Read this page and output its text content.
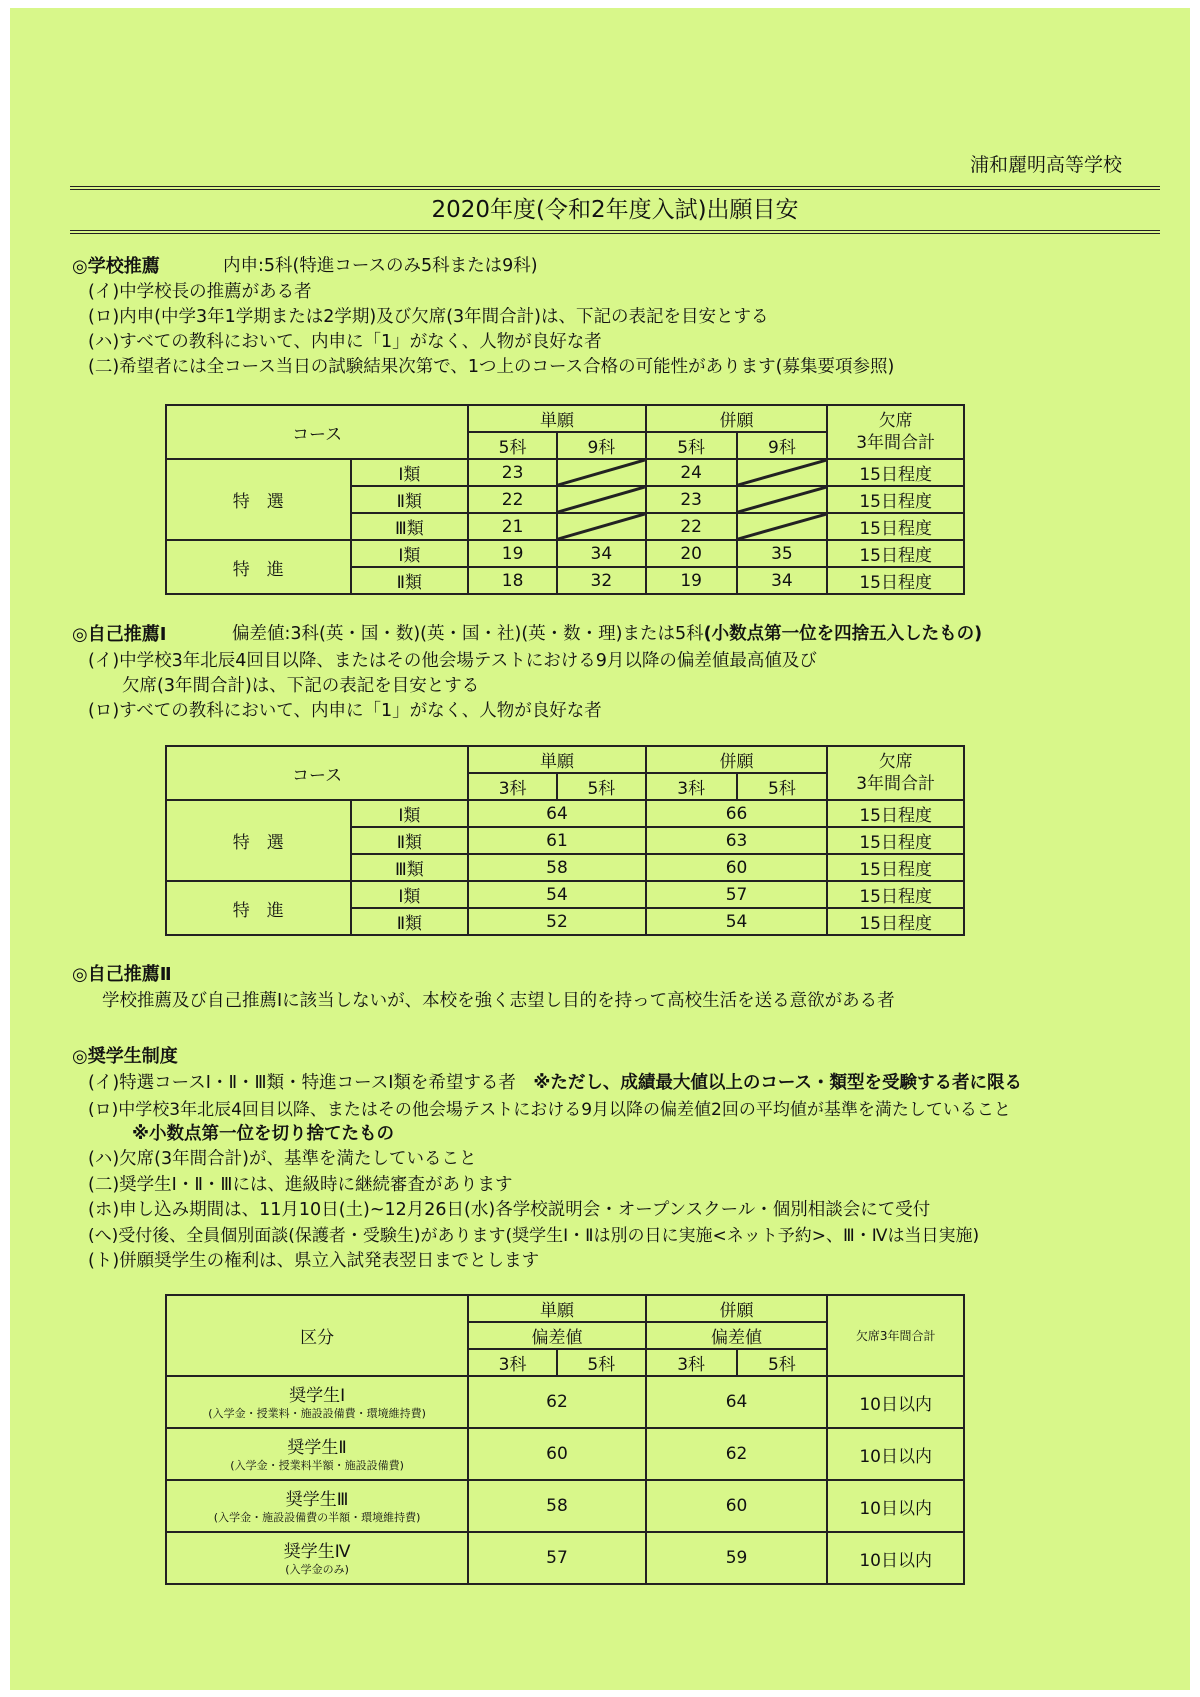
浦和麗明高等学校
2020年度(令和2年度入試)出願目安
◎学校推薦	内申:5科(特進コースのみ5科または9科)
(イ)中学校長の推薦がある者
(ロ)内申(中学3年1学期または2学期)及び欠席(3年間合計)は、下記の表記を目安とする
(ハ)すべての教科において、内申に「1」がなく、人物が良好な者
(二)希望者には全コース当日の試験結果次第で、1つ上のコース合格の可能性があります(募集要項参照)
コース		単願		併願		欠席
3年間合計
		5科	9科	5科	9科	
特　選	Ⅰ類	23		24		15日程度
	Ⅱ類	22		23		15日程度
	Ⅲ類	21		22		15日程度
特　進	Ⅰ類	19	34	20	35	15日程度
	Ⅱ類	18	32	19	34	15日程度
◎自己推薦Ⅰ	偏差値:3科(英・国・数)(英・国・社)(英・数・理)または5科(小数点第一位を四捨五入したもの)
(イ)中学校3年北辰4回目以降、またはその他会場テストにおける9月以降の偏差値最高値及び
欠席(3年間合計)は、下記の表記を目安とする
(ロ)すべての教科において、内申に「1」がなく、人物が良好な者
コース		単願		併願		欠席
3年間合計
		3科	5科	3科	5科	
特　選	Ⅰ類	64		66		15日程度
	Ⅱ類	61		63		15日程度
	Ⅲ類	58		60		15日程度
特　進	Ⅰ類	54		57		15日程度
	Ⅱ類	52		54		15日程度
◎自己推薦Ⅱ
学校推薦及び自己推薦Ⅰに該当しないが、本校を強く志望し目的を持って高校生活を送る意欲がある者
◎奨学生制度
(イ)特選コースⅠ・Ⅱ・Ⅲ類・特進コースⅠ類を希望する者　 ※ただし、成績最大値以上のコース・類型を受験する者に限る
(ロ)中学校3年北辰4回目以降、またはその他会場テストにおける9月以降の偏差値2回の平均値が基準を満たしていること
※小数点第一位を切り捨てたもの
(ハ)欠席(3年間合計)が、基準を満たしていること
(二)奨学生Ⅰ・Ⅱ・Ⅲには、進級時に継続審査があります
(ホ)申し込み期間は、11月10日(土)~12月26日(水)各学校説明会・オープンスクール・個別相談会にて受付
(へ)受付後、全員個別面談(保護者・受験生)があります(奨学生Ⅰ・Ⅱは別の日に実施<ネット予約>、Ⅲ・Ⅳは当日実施)
(ト)併願奨学生の権利は、県立入試発表翌日までとします
区分	単願		併願		欠席3年間合計
	偏差値		偏差値		
	3科	5科	3科	5科	

奨学生Ⅰ
(入学金・授業料・施設設備費・環境維持費)	62		64		10日以内

奨学生Ⅱ
(入学金・授業料半額・施設設備費)	60		62		10日以内

奨学生Ⅲ
(入学金・施設設備費の半額・環境維持費)	58		60		10日以内

奨学生Ⅳ
(入学金のみ)	57		59		10日以内
